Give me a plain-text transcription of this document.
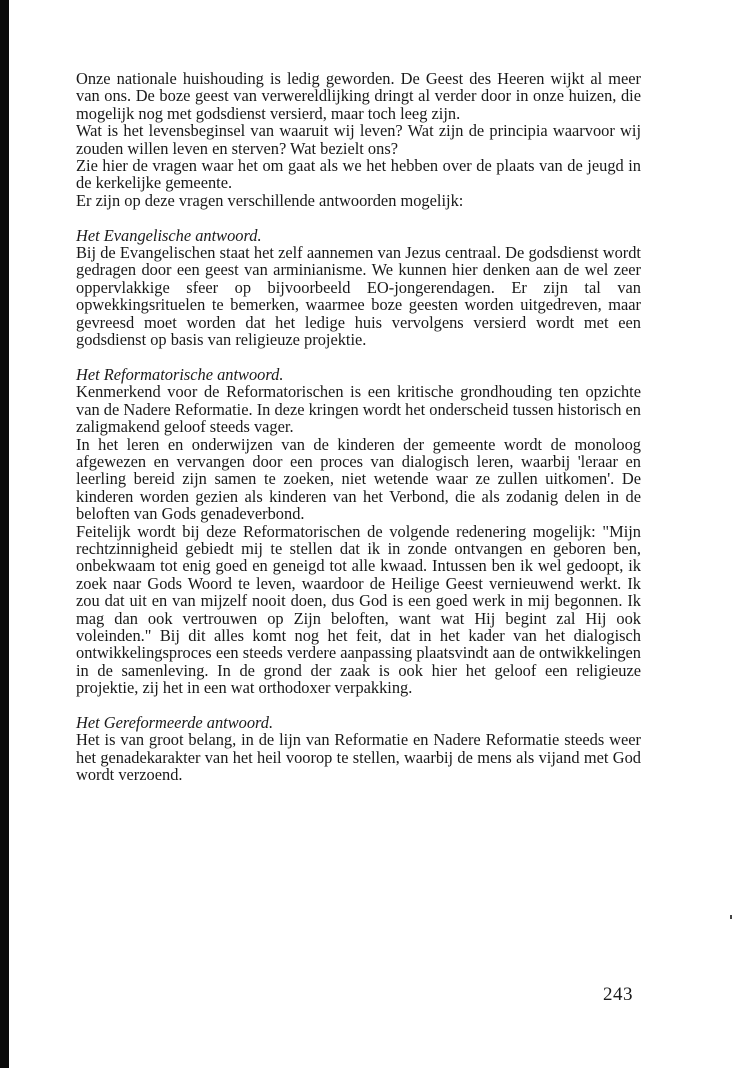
Onze nationale huishouding is ledig geworden. De Geest des Heeren wijkt al meer van ons. De boze geest van verwereldlijking dringt al verder door in onze huizen, die mogelijk nog met godsdienst versierd, maar toch leeg zijn.

Wat is het levensbeginsel van waaruit wij leven? Wat zijn de principia waarvoor wij zouden willen leven en sterven? Wat bezielt ons?

Zie hier de vragen waar het om gaat als we het hebben over de plaats van de jeugd in de kerkelijke gemeente.

Er zijn op deze vragen verschillende antwoorden mogelijk:

Het Evangelische antwoord.

Bij de Evangelischen staat het zelf aannemen van Jezus centraal. De godsdienst wordt gedragen door een geest van arminianisme. We kunnen hier denken aan de wel zeer oppervlakkige sfeer op bijvoorbeeld EO-jongerendagen. Er zijn tal van opwekkingsrituelen te bemerken, waarmee boze geesten worden uitgedreven, maar gevreesd moet worden dat het ledige huis vervolgens versierd wordt met een godsdienst op basis van religieuze projektie.

Het Reformatorische antwoord.

Kenmerkend voor de Reformatorischen is een kritische grondhouding ten opzichte van de Nadere Reformatie. In deze kringen wordt het onderscheid tussen historisch en zaligmakend geloof steeds vager.

In het leren en onderwijzen van de kinderen der gemeente wordt de monoloog afgewezen en vervangen door een proces van dialogisch leren, waarbij 'leraar en leerling bereid zijn samen te zoeken, niet wetende waar ze zullen uitkomen'. De kinderen worden gezien als kinderen van het Verbond, die als zodanig delen in de beloften van Gods genadeverbond.

Feitelijk wordt bij deze Reformatorischen de volgende redenering mogelijk: "Mijn rechtzinnigheid gebiedt mij te stellen dat ik in zonde ontvangen en geboren ben, onbekwaam tot enig goed en geneigd tot alle kwaad. Intussen ben ik wel gedoopt, ik zoek naar Gods Woord te leven, waardoor de Heilige Geest vernieuwend werkt. Ik zou dat uit en van mijzelf nooit doen, dus God is een goed werk in mij begonnen. Ik mag dan ook vertrouwen op Zijn beloften, want wat Hij begint zal Hij ook voleinden." Bij dit alles komt nog het feit, dat in het kader van het dialogisch ontwikkelingsproces een steeds verdere aanpassing plaatsvindt aan de ontwikkelingen in de samenleving. In de grond der zaak is ook hier het geloof een religieuze projektie, zij het in een wat orthodoxer verpakking.

Het Gereformeerde antwoord.

Het is van groot belang, in de lijn van Reformatie en Nadere Reformatie steeds weer het genadekarakter van het heil voorop te stellen, waarbij de mens als vijand met God wordt verzoend.

243
